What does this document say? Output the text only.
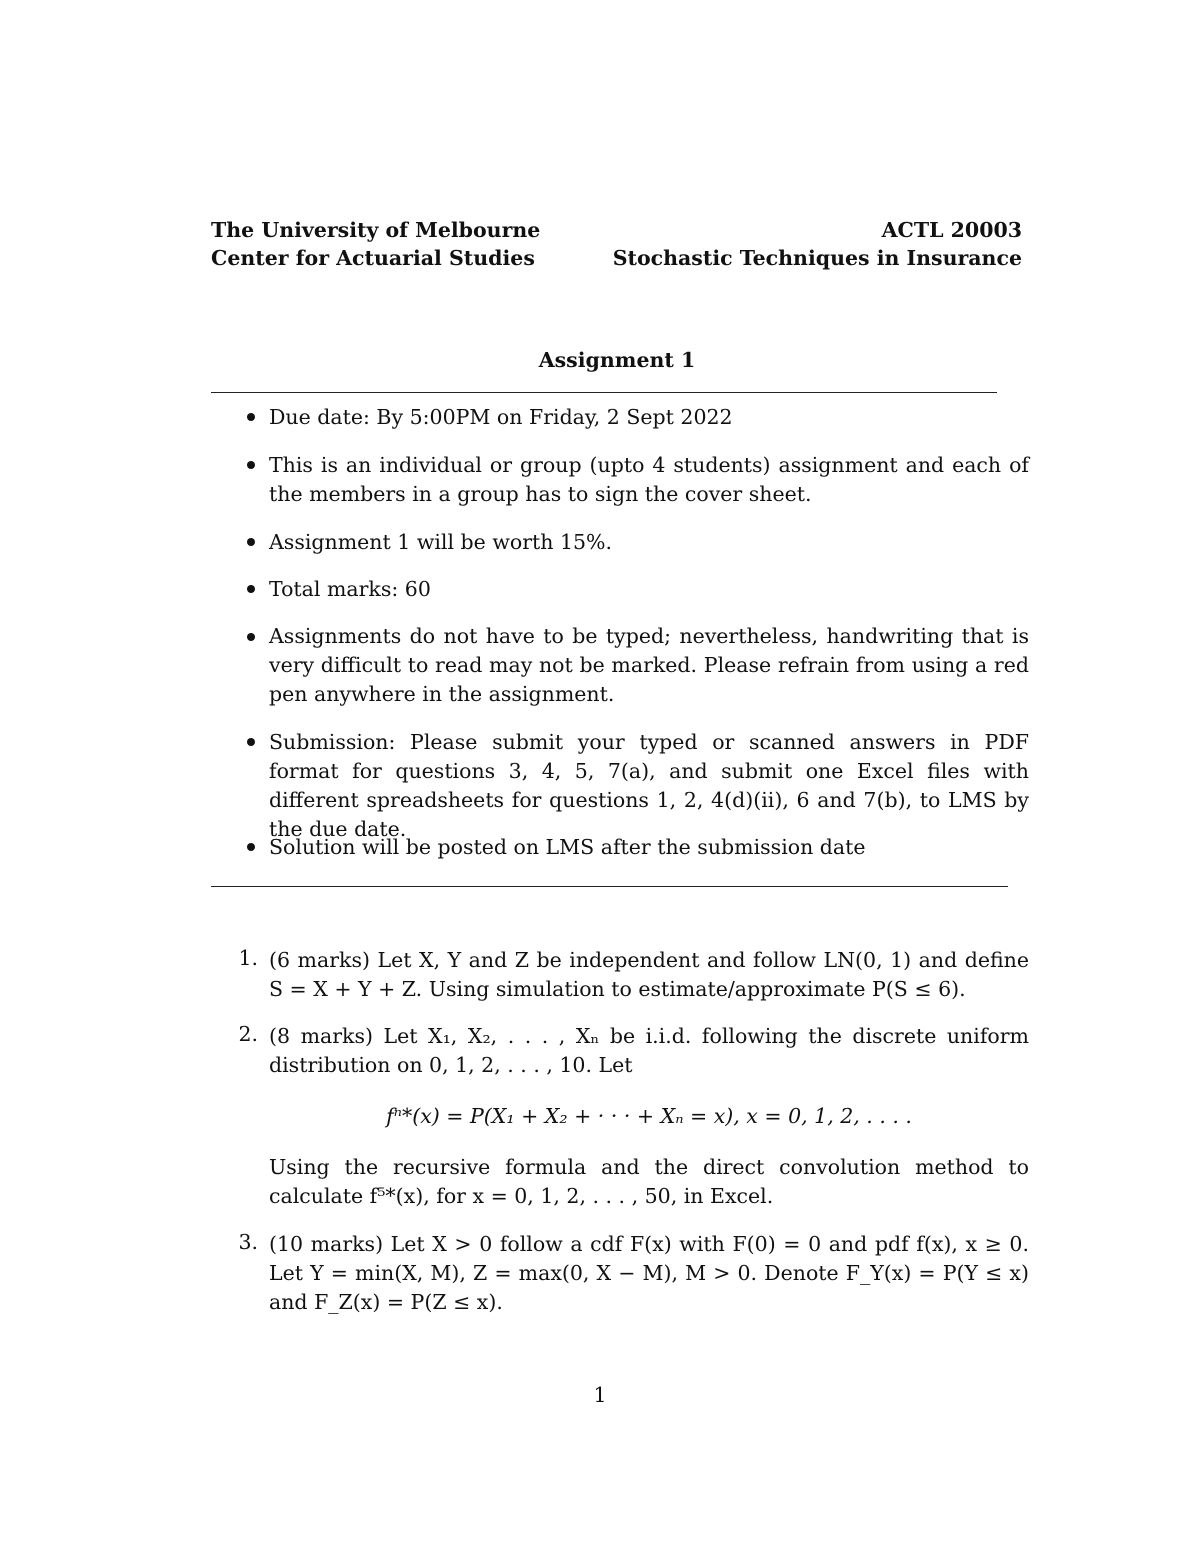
The University of Melbourne
Center for Actuarial Studies
ACTL 20003
Stochastic Techniques in Insurance
Assignment 1
Due date: By 5:00PM on Friday, 2 Sept 2022
This is an individual or group (upto 4 students) assignment and each of the members in a group has to sign the cover sheet.
Assignment 1 will be worth 15%.
Total marks: 60
Assignments do not have to be typed; nevertheless, handwriting that is very difficult to read may not be marked. Please refrain from using a red pen anywhere in the assignment.
Submission: Please submit your typed or scanned answers in PDF format for questions 3, 4, 5, 7(a), and submit one Excel files with different spreadsheets for questions 1, 2, 4(d)(ii), 6 and 7(b), to LMS by the due date.
Solution will be posted on LMS after the submission date
1. (6 marks) Let X, Y and Z be independent and follow LN(0, 1) and define S = X + Y + Z. Using simulation to estimate/approximate P(S ≤ 6).
2. (8 marks) Let X₁, X₂, . . . , Xₙ be i.i.d. following the discrete uniform distribution on 0, 1, 2, . . . , 10. Let
fⁿ*(x) = P(X₁ + X₂ + · · · + Xₙ = x), x = 0, 1, 2, . . . .
Using the recursive formula and the direct convolution method to calculate f⁵*(x), for x = 0, 1, 2, . . . , 50, in Excel.
3. (10 marks) Let X > 0 follow a cdf F(x) with F(0) = 0 and pdf f(x), x ≥ 0. Let Y = min(X, M), Z = max(0, X − M), M > 0. Denote F_Y(x) = P(Y ≤ x) and F_Z(x) = P(Z ≤ x).
1
